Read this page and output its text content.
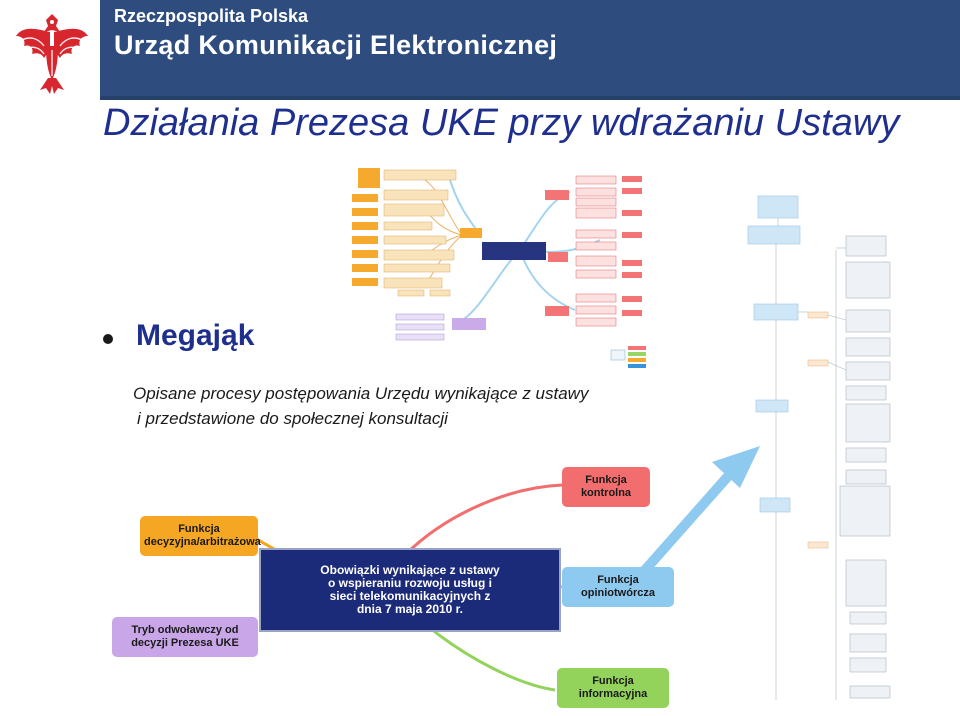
Rzeczpospolita Polska
Urząd Komunikacji Elektronicznej
Działania Prezesa UKE przy wdrażaniu Ustawy
Megająk
Opisane procesy postępowania Urzędu wynikające z ustawy
i przedstawione do społecznej konsultacji
Funkcja kontrolna
Funkcja decyzyjna/arbitrażowa
Obowiązki wynikające z ustawy o wspieraniu rozwoju usług i sieci telekomunikacyjnych z dnia 7 maja 2010 r.
Funkcja opiniotwórcza
Tryb odwoławczy od decyzji Prezesa UKE
Funkcja informacyjna
